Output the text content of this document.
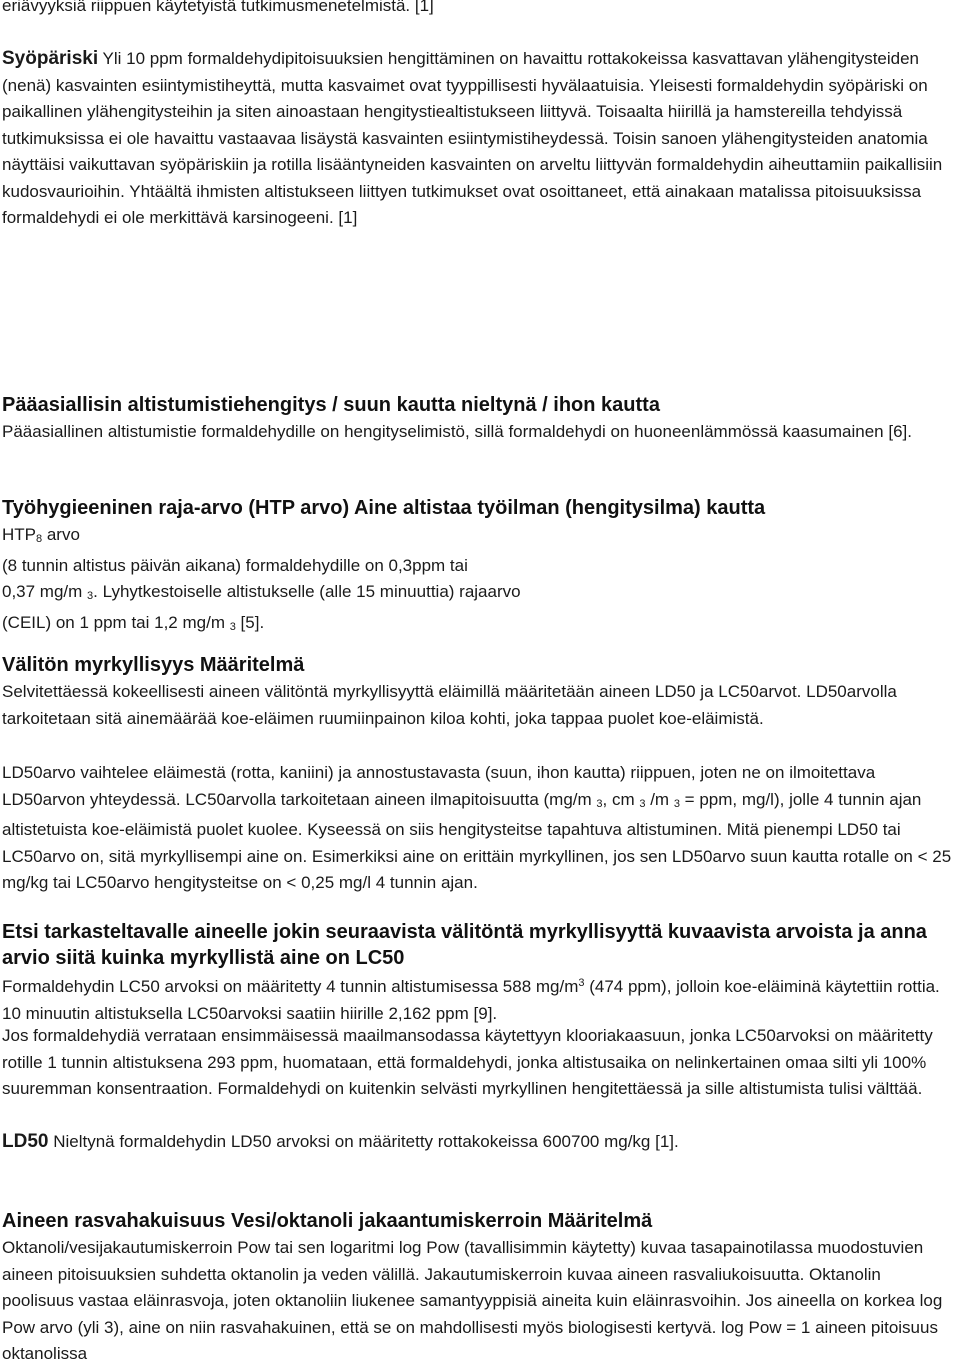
eriävyyksiä riippuen käytetyistä tutkimusmenetelmistä. [1]

Syöpäriski Yli 10 ppm formaldehydipitoisuuksien hengittäminen on havaittu rottakokeissa kasvattavan ylähengitysteiden (nenä) kasvainten esiintymistiheyttä, mutta kasvaimet ovat tyyppillisesti hyvälaatuisia. Yleisesti formaldehydin syöpäriski on paikallinen ylähengitysteihin ja siten ainoastaan hengitystiealtistukseen liittyvä. Toisaalta hiirillä ja hamstereilla tehdyissä tutkimuksissa ei ole havaittu vastaavaa lisäystä kasvainten esiintymistiheydessä. Toisin sanoen ylähengitysteiden anatomia näyttäisi vaikuttavan syöpäriskiin ja rotilla lisääntyneiden kasvainten on arveltu liittyvän formaldehydin aiheuttamiin paikallisiin kudosvaurioihin. Yhtäältä ihmisten altistukseen liittyen tutkimukset ovat osoittaneet, että ainakaan matalissa pitoisuuksissa formaldehydi ei ole merkittävä karsinogeeni. [1]

Pääasiallisin altistumistiehengitys / suun kautta nieltynä / ihon kautta

Pääasiallinen altistumistie formaldehydille on hengityselimistö, sillä formaldehydi on huoneenlämmössä kaasumainen [6].

Työhygieeninen raja-arvo (HTP arvo) Aine altistaa työilman (hengitysilma) kautta
HTP8 arvo
(8 tunnin altistus päivän aikana) formaldehydille on 0,3ppm tai
0,37 mg/m 3. Lyhytkestoiselle altistukselle (alle 15 minuuttia) rajaarvo
(CEIL) on 1 ppm tai 1,2 mg/m 3 [5].
Välitön myrkyllisyys Määritelmä

Selvitettäessä kokeellisesti aineen välitöntä myrkyllisyyttä eläimillä määritetään aineen LD50 ja LC50arvot. LD50arvolla tarkoitetaan sitä ainemäärää koe-eläimen ruumiinpainon kiloa kohti, joka tappaa puolet koe-eläimistä.

LD50arvo vaihtelee eläimestä (rotta, kaniini) ja annostustavasta (suun, ihon kautta) riippuen, joten ne on ilmoitettava LD50arvon yhteydessä. LC50arvolla tarkoitetaan aineen ilmapitoisuutta (mg/m 3, cm 3 /m 3 = ppm, mg/l), jolle 4 tunnin ajan altistetuista koe-eläimistä puolet kuolee. Kyseessä on siis hengitysteitse tapahtuva altistuminen. Mitä pienempi LD50 tai LC50arvo on, sitä myrkyllisempi aine on. Esimerkiksi aine on erittäin myrkyllinen, jos sen LD50arvo suun kautta rotalle on < 25 mg/kg tai LC50arvo hengitysteitse on < 0,25 mg/l 4 tunnin ajan.

Etsi tarkasteltavalle aineelle jokin seuraavista välitöntä myrkyllisyyttä kuvaavista arvoista ja anna arvio siitä kuinka myrkyllistä aine on LC50

Formaldehydin LC50 arvoksi on määritetty 4 tunnin altistumisessa 588 $mg/m^3$ (474 ppm), jolloin koe-eläiminä käytettiin rottia. 10 minuutin altistuksella LC50arvoksi saatiin hiirille 2,162 ppm [9].

Jos formaldehydiä verrataan ensimmäisessä maailmansodassa käytettyyn klooriakaasuun, jonka LC50arvoksi on määritetty rotille 1 tunnin altistuksena 293 ppm, huomataan, että formaldehydi, jonka altistusaika on nelinkertainen omaa silti yli 100% suuremman konsentraation. Formaldehydi on kuitenkin selvästi myrkyllinen hengitettäessä ja sille altistumista tulisi välttää.

LD50 Nieltynä formaldehydin LD50 arvoksi on määritetty rottakokeissa 600700 mg/kg [1].

Aineen rasvahakuisuus Vesi/oktanoli jakaantumiskerroin Määritelmä

Oktanoli/vesijakautumiskerroin Pow tai sen logaritmi log Pow (tavallisimmin käytetty) kuvaa tasapainotilassa muodostuvien aineen pitoisuuksien suhdetta oktanolin ja veden välillä. Jakautumiskerroin kuvaa aineen rasvaliukoisuutta. Oktanolin poolisuus vastaa eläinrasvoja, joten oktanoliin liukenee samantyyppisiä aineita kuin eläinrasvoihin. Jos aineella on korkea log Pow arvo (yli 3), aine on niin rasvahakuinen, että se on mahdollisesti myös biologisesti kertyvä. log Pow = 1 aineen pitoisuus oktanolissa
